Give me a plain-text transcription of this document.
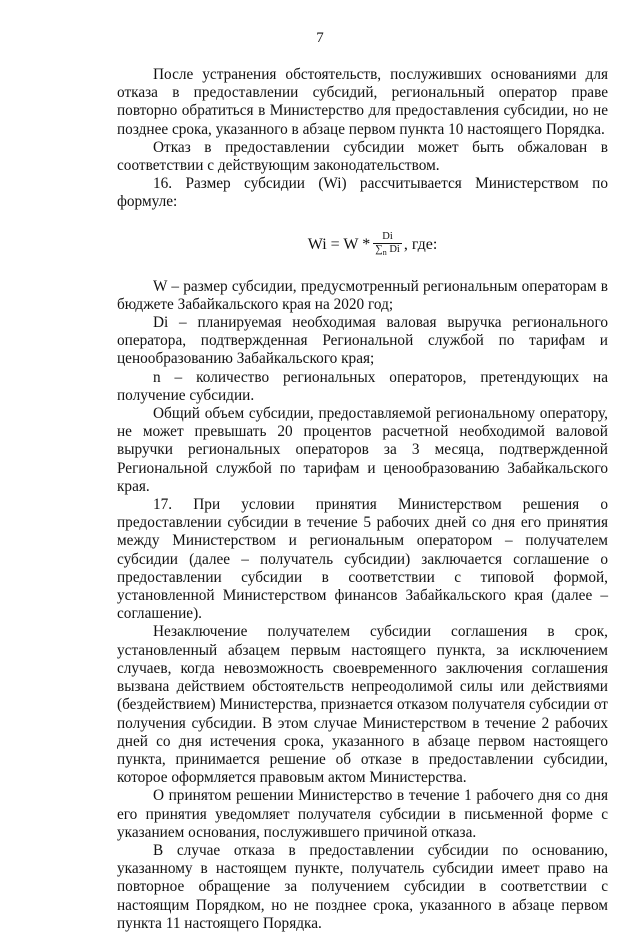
7

После устранения обстоятельств, послуживших основаниями для отказа в предоставлении субсидий, региональный оператор праве повторно обратиться в Министерство для предоставления субсидии, но не позднее срока, указанного в абзаце первом пункта 10 настоящего Порядка.

Отказ в предоставлении субсидии может быть обжалован в соответствии с действующим законодательством.

16. Размер субсидии (Wi) рассчитывается Министерством по формуле:

$Wi = W * \frac{Di}{\sum_n Di}$ , где:

W – размер субсидии, предусмотренный региональным операторам в бюджете Забайкальского края на 2020 год;

Di – планируемая необходимая валовая выручка регионального оператора, подтвержденная Региональной службой по тарифам и ценообразованию Забайкальского края;

n – количество региональных операторов, претендующих на получение субсидии.

Общий объем субсидии, предоставляемой региональному оператору, не может превышать 20 процентов расчетной необходимой валовой выручки региональных операторов за 3 месяца, подтвержденной Региональной службой по тарифам и ценообразованию Забайкальского края.

17. При условии принятия Министерством решения о предоставлении субсидии в течение 5 рабочих дней со дня его принятия между Министерством и региональным оператором – получателем субсидии (далее – получатель субсидии) заключается соглашение о предоставлении субсидии в соответствии с типовой формой, установленной Министерством финансов Забайкальского края (далее – соглашение).

Незаключение получателем субсидии соглашения в срок, установленный абзацем первым настоящего пункта, за исключением случаев, когда невозможность своевременного заключения соглашения вызвана действием обстоятельств непреодолимой силы или действиями (бездействием) Министерства, признается отказом получателя субсидии от получения субсидии. В этом случае Министерством в течение 2 рабочих дней со дня истечения срока, указанного в абзаце первом настоящего пункта, принимается решение об отказе в предоставлении субсидии, которое оформляется правовым актом Министерства.

О принятом решении Министерство в течение 1 рабочего дня со дня его принятия уведомляет получателя субсидии в письменной форме с указанием основания, послужившего причиной отказа.

В случае отказа в предоставлении субсидии по основанию, указанному в настоящем пункте, получатель субсидии имеет право на повторное обращение за получением субсидии в соответствии с настоящим Порядком, но не позднее срока, указанного в абзаце первом пункта 11 настоящего Порядка.
